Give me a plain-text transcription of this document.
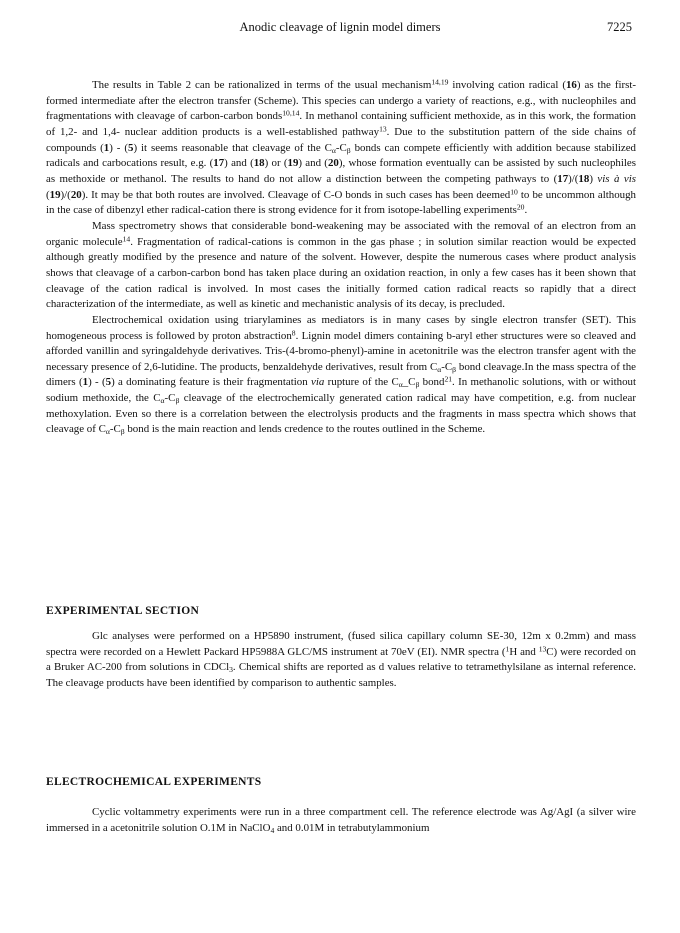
Anodic cleavage of lignin model dimers	7225

The results in Table 2 can be rationalized in terms of the usual mechanism$^{14,19}$ involving cation radical (16) as the first-formed intermediate after the electron transfer (Scheme). This species can undergo a variety of reactions, e.g., with nucleophiles and fragmentations with cleavage of carbon-carbon bonds$^{10,14}$. In methanol containing sufficient methoxide, as in this work, the formation of 1,2- and 1,4- nuclear addition products is a well-established pathway$^{13}$. Due to the substitution pattern of the side chains of compounds (1) - (5) it seems reasonable that cleavage of the $C_\alpha-C_\beta$ bonds can compete efficiently with addition because stabilized radicals and carbocations result, e.g. (17) and (18) or (19) and (20), whose formation eventually can be assisted by such nucleophiles as methoxide or methanol. The results to hand do not allow a distinction between the competing pathways to (17)/(18) vis à vis (19)/(20). It may be that both routes are involved. Cleavage of C-O bonds in such cases has been deemed$^{10}$ to be uncommon although in the case of dibenzyl ether radical-cation there is strong evidence for it from isotope-labelling experiments$^{20}$.

Mass spectrometry shows that considerable bond-weakening may be associated with the removal of an electron from an organic molecule$^{14}$. Fragmentation of radical-cations is common in the gas phase ; in solution similar reaction would be expected although greatly modified by the presence and nature of the solvent. However, despite the numerous cases where product analysis shows that cleavage of a carbon-carbon bond has taken place during an oxidation reaction, in only a few cases has it been shown that cleavage of the cation radical is involved. In most cases the initially formed cation radical reacts so rapidly that a direct characterization of the intermediate, as well as kinetic and mechanistic analysis of its decay, is precluded.

Electrochemical oxidation using triarylamines as mediators is in many cases by single electron transfer (SET). This homogeneous process is followed by proton abstraction$^8$. Lignin model dimers containing b-aryl ether structures were so cleaved and afforded vanillin and syringaldehyde derivatives. Tris-(4-bromo-phenyl)-amine in acetonitrile was the electron transfer agent with the necessary presence of 2,6-lutidine. The products, benzaldehyde derivatives, result from $C_\alpha-C_\beta$ bond cleavage.In the mass spectra of the dimers (1) - (5) a dominating feature is their fragmentation via rupture of the $C_\alpha\_C_\beta$ bond$^{21}$. In methanolic solutions, with or without sodium methoxide, the $C_\alpha-C_\beta$ cleavage of the electrochemically generated cation radical may have competition, e.g. from nuclear methoxylation. Even so there is a correlation between the electrolysis products and the fragments in mass spectra which shows that cleavage of $C_\alpha-C_\beta$ bond is the main reaction and lends credence to the routes outlined in the Scheme.

EXPERIMENTAL SECTION

Glc analyses were performed on a HP5890 instrument, (fused silica capillary column SE-30, 12m x 0.2mm) and mass spectra were recorded on a Hewlett Packard HP5988A GLC/MS instrument at 70eV (EI). NMR spectra ($^1$H and $^{13}$C) were recorded on a Bruker AC-200 from solutions in CDCl$_3$. Chemical shifts are reported as d values relative to tetramethylsilane as internal reference. The cleavage products have been identified by comparison to authentic samples.

ELECTROCHEMICAL EXPERIMENTS

Cyclic voltammetry experiments were run in a three compartment cell. The reference electrode was Ag/AgI (a silver wire immersed in a acetonitrile solution O.1M in NaClO$_4$ and 0.01M in tetrabutylammonium
